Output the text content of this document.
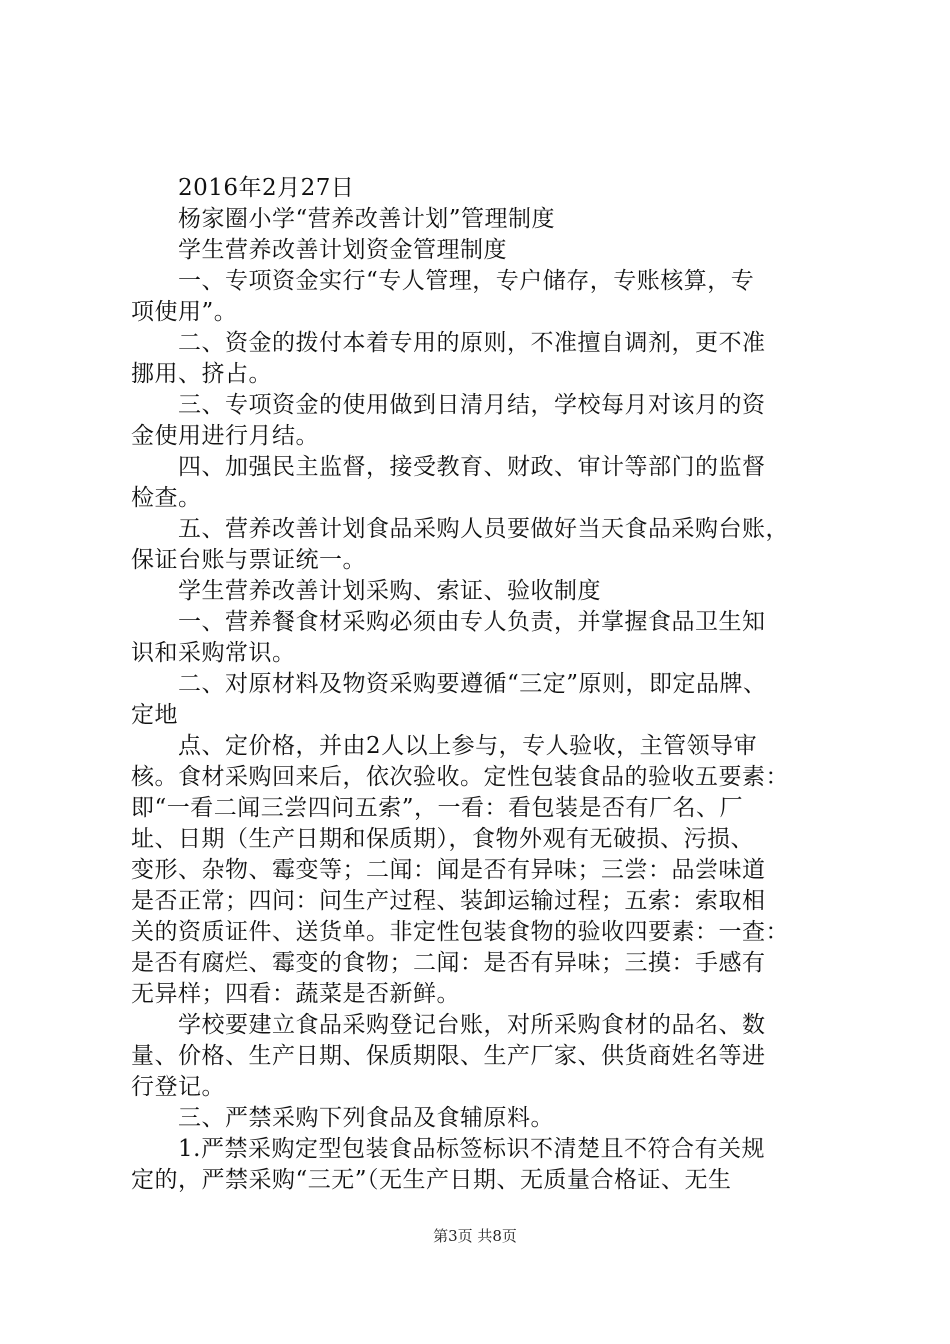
　　2016年2月27日
　　杨家圈小学“营养改善计划”管理制度
　　学生营养改善计划资金管理制度
　　一、专项资金实行“专人管理，专户储存，专账核算，专
项使用”。
　　二、资金的拨付本着专用的原则，不准擅自调剂，更不准
挪用、挤占。
　　三、专项资金的使用做到日清月结，学校每月对该月的资
金使用进行月结。
　　四、加强民主监督，接受教育、财政、审计等部门的监督
检查。
　　五、营养改善计划食品采购人员要做好当天食品采购台账，
保证台账与票证统一。
　　学生营养改善计划采购、索证、验收制度
　　一、营养餐食材采购必须由专人负责，并掌握食品卫生知
识和采购常识。
　　二、对原材料及物资采购要遵循“三定”原则，即定品牌、
定地
　　点、定价格，并由2人以上参与，专人验收，主管领导审
核。食材采购回来后，依次验收。定性包装食品的验收五要素：
即“一看二闻三尝四问五索”，一看：看包装是否有厂名、厂
址、日期（生产日期和保质期），食物外观有无破损、污损、
变形、杂物、霉变等；二闻：闻是否有异味；三尝：品尝味道
是否正常；四问：问生产过程、装卸运输过程；五索：索取相
关的资质证件、送货单。非定性包装食物的验收四要素：一查：
是否有腐烂、霉变的食物；二闻：是否有异味；三摸：手感有
无异样；四看：蔬菜是否新鲜。
　　学校要建立食品采购登记台账，对所采购食材的品名、数
量、价格、生产日期、保质期限、生产厂家、供货商姓名等进
行登记。
　　三、严禁采购下列食品及食辅原料。
　　1.严禁采购定型包装食品标签标识不清楚且不符合有关规
定的，严禁采购“三无”（无生产日期、无质量合格证、无生
第3页 共8页
